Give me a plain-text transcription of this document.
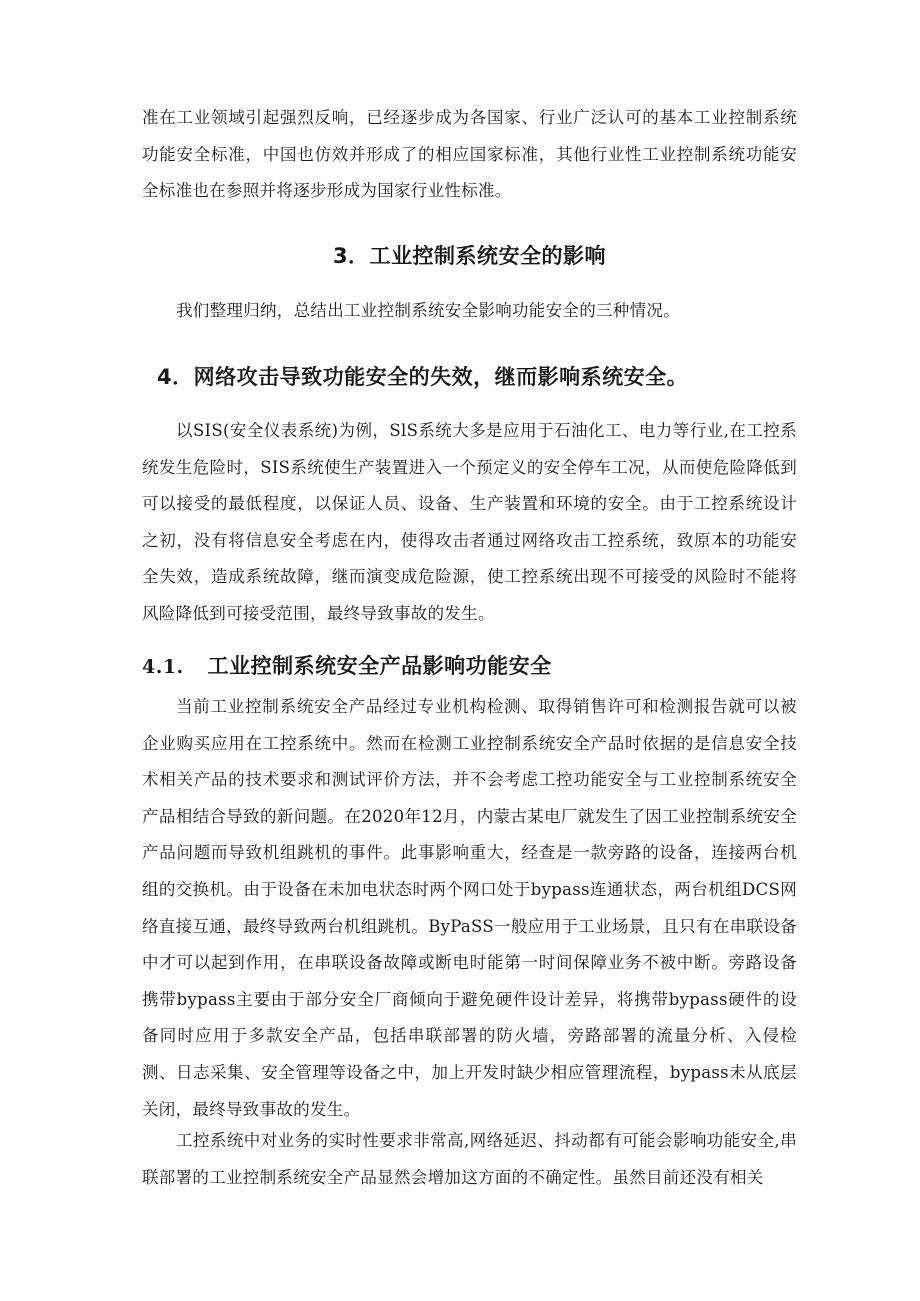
准在工业领域引起强烈反响，已经逐步成为各国家、行业广泛认可的基本工业控制系统功能安全标准，中国也仿效并形成了的相应国家标准，其他行业性工业控制系统功能安全标准也在参照并将逐步形成为国家行业性标准。

3．工业控制系统安全的影响

我们整理归纳，总结出工业控制系统安全影响功能安全的三种情况。

4．网络攻击导致功能安全的失效，继而影响系统安全。

以SIS(安全仪表系统)为例，SlS系统大多是应用于石油化工、电力等行业,在工控系统发生危险时，SIS系统使生产装置进入一个预定义的安全停车工况，从而使危险降低到可以接受的最低程度，以保证人员、设备、生产装置和环境的安全。由于工控系统设计之初，没有将信息安全考虑在内，使得攻击者通过网络攻击工控系统，致原本的功能安全失效，造成系统故障，继而演变成危险源，使工控系统出现不可接受的风险时不能将风险降低到可接受范围，最终导致事故的发生。

4.1. 工业控制系统安全产品影响功能安全

当前工业控制系统安全产品经过专业机构检测、取得销售许可和检测报告就可以被企业购买应用在工控系统中。然而在检测工业控制系统安全产品时依据的是信息安全技术相关产品的技术要求和测试评价方法，并不会考虑工控功能安全与工业控制系统安全产品相结合导致的新问题。在2020年12月，内蒙古某电厂就发生了因工业控制系统安全产品问题而导致机组跳机的事件。此事影响重大，经查是一款旁路的设备，连接两台机组的交换机。由于设备在未加电状态时两个网口处于bypass连通状态，两台机组DCS网络直接互通，最终导致两台机组跳机。ByPaSS一般应用于工业场景，且只有在串联设备中才可以起到作用，在串联设备故障或断电时能第一时间保障业务不被中断。旁路设备携带bypass主要由于部分安全厂商倾向于避免硬件设计差异，将携带bypass硬件的设备同时应用于多款安全产品，包括串联部署的防火墙，旁路部署的流量分析、入侵检测、日志采集、安全管理等设备之中，加上开发时缺少相应管理流程，bypass未从底层关闭，最终导致事故的发生。

工控系统中对业务的实时性要求非常高,网络延迟、抖动都有可能会影响功能安全,串联部署的工业控制系统安全产品显然会增加这方面的不确定性。虽然目前还没有相关
